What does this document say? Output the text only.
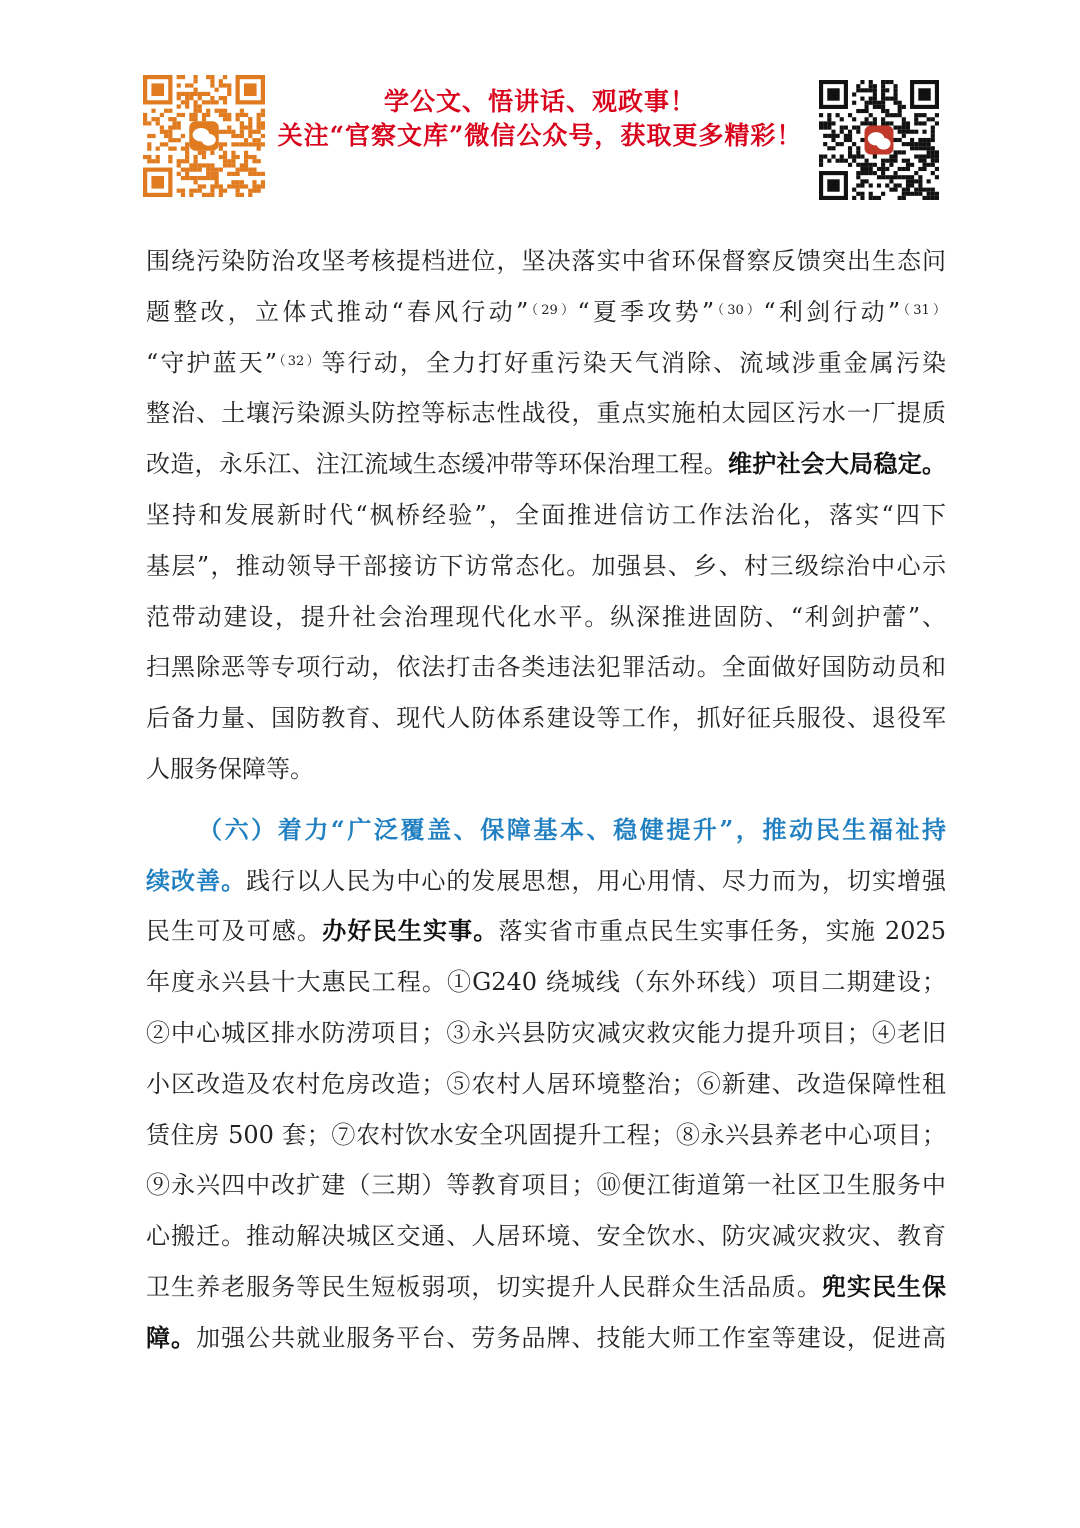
学公文、悟讲话、观政事！
关注“官察文库”微信公众号，获取更多精彩！
围绕污染防治攻坚考核提档进位，坚决落实中省环保督察反馈突出生态问
题整改，立体式推动“春风行动”$^{(29)}$“夏季攻势”$^{(30)}$“利剑行动”$^{(31)}$
“守护蓝天”$^{(32)}$等行动，全力打好重污染天气消除、流域涉重金属污染
整治、土壤污染源头防控等标志性战役，重点实施柏太园区污水一厂提质
改造，永乐江、注江流域生态缓冲带等环保治理工程。维护社会大局稳定。
坚持和发展新时代“枫桥经验”，全面推进信访工作法治化，落实“四下
基层”，推动领导干部接访下访常态化。加强县、乡、村三级综治中心示
范带动建设，提升社会治理现代化水平。纵深推进固防、“利剑护蕾”、
扫黑除恶等专项行动，依法打击各类违法犯罪活动。全面做好国防动员和
后备力量、国防教育、现代人防体系建设等工作，抓好征兵服役、退役军
人服务保障等。
（六）着力“广泛覆盖、保障基本、稳健提升”，推动民生福祉持
续改善。践行以人民为中心的发展思想，用心用情、尽力而为，切实增强
民生可及可感。办好民生实事。落实省市重点民生实事任务，实施 2025
年度永兴县十大惠民工程。①G240 绕城线（东外环线）项目二期建设；
②中心城区排水防涝项目；③永兴县防灾减灾救灾能力提升项目；④老旧
小区改造及农村危房改造；⑤农村人居环境整治；⑥新建、改造保障性租
赁住房 500 套；⑦农村饮水安全巩固提升工程；⑧永兴县养老中心项目；
⑨永兴四中改扩建（三期）等教育项目；⑩便江街道第一社区卫生服务中
心搬迁。推动解决城区交通、人居环境、安全饮水、防灾减灾救灾、教育
卫生养老服务等民生短板弱项，切实提升人民群众生活品质。兜实民生保
障。加强公共就业服务平台、劳务品牌、技能大师工作室等建设，促进高
